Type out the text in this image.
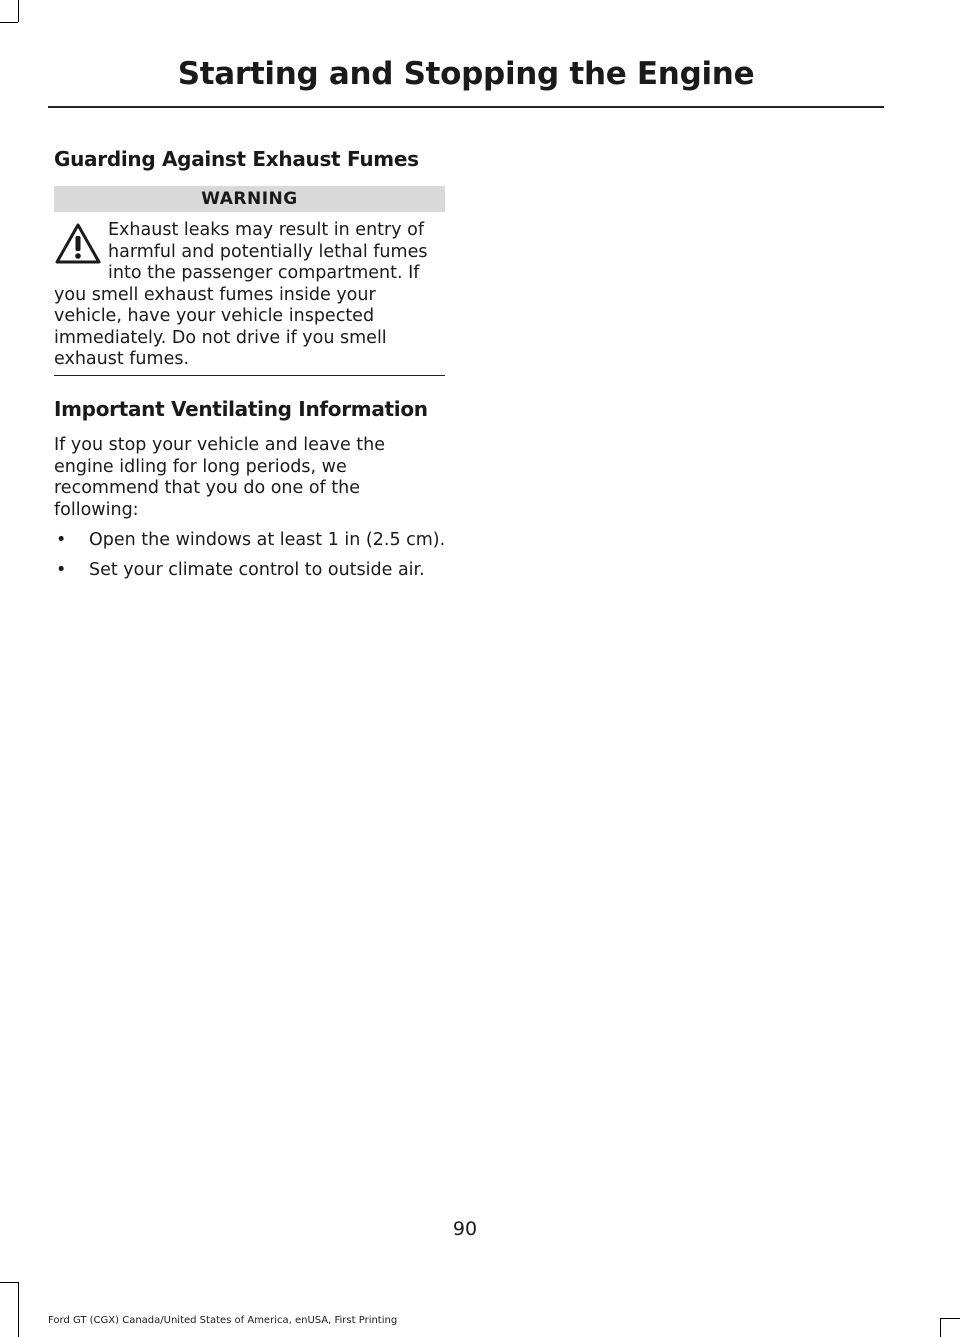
Starting and Stopping the Engine
Guarding Against Exhaust Fumes
WARNING

Exhaust leaks may result in entry of

harmful and potentially lethal fumes

into the passenger compartment. If

you smell exhaust fumes inside your vehicle, have your vehicle inspected immediately. Do not drive if you smell exhaust fumes.

Important Ventilating Information

If you stop your vehicle and leave the engine idling for long periods, we recommend that you do one of the following:

• Open the windows at least 1 in (2.5 cm).
• Set your climate control to outside air.
90
Ford GT (CGX) Canada/United States of America, enUSA, First Printing
